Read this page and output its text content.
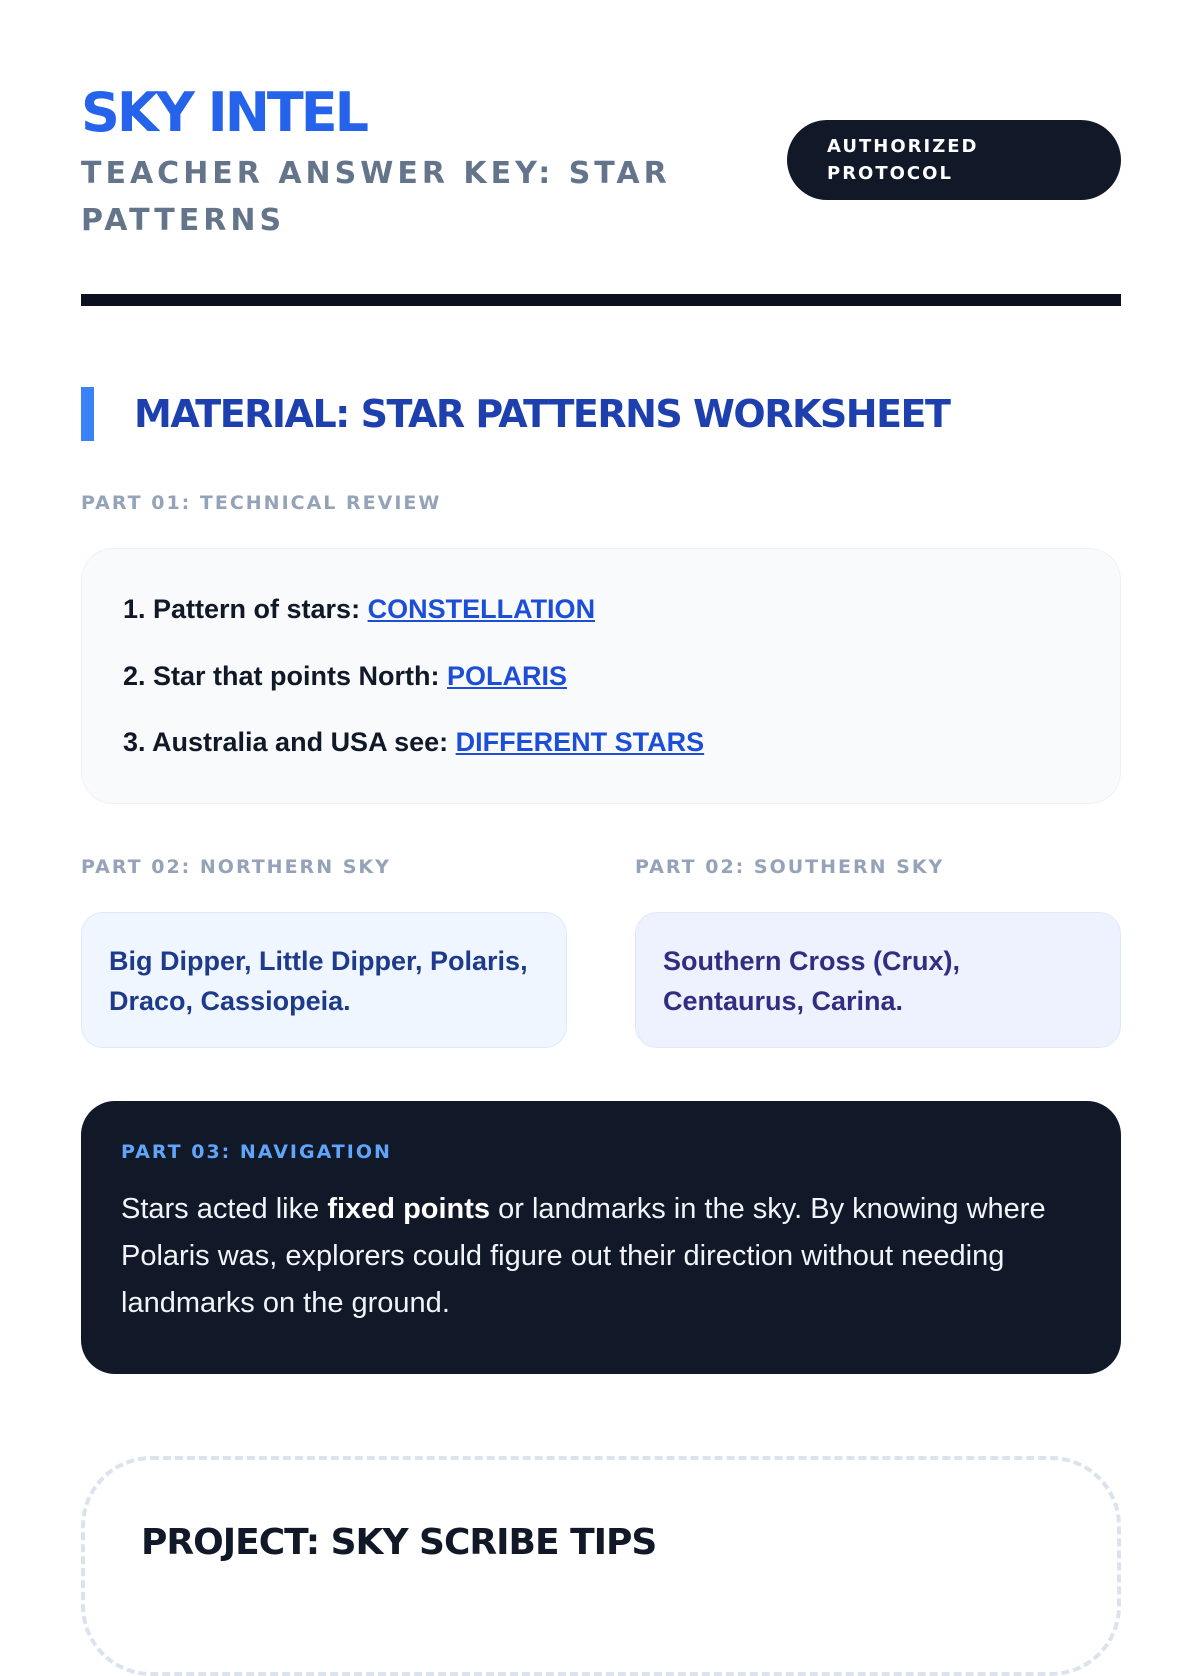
SKY INTEL
TEACHER ANSWER KEY: STAR PATTERNS
AUTHORIZED
PROTOCOL
MATERIAL: STAR PATTERNS WORKSHEET
PART 01: TECHNICAL REVIEW
1. Pattern of stars: CONSTELLATION
2. Star that points North: POLARIS
3. Australia and USA see: DIFFERENT STARS
PART 02: NORTHERN SKY	PART 02: SOUTHERN SKY
Big Dipper, Little Dipper, Polaris, Draco, Cassiopeia.
Southern Cross (Crux), Centaurus, Carina.
PART 03: NAVIGATION
Stars acted like fixed points or landmarks in the sky. By knowing where Polaris was, explorers could figure out their direction without needing landmarks on the ground.
PROJECT: SKY SCRIBE TIPS
